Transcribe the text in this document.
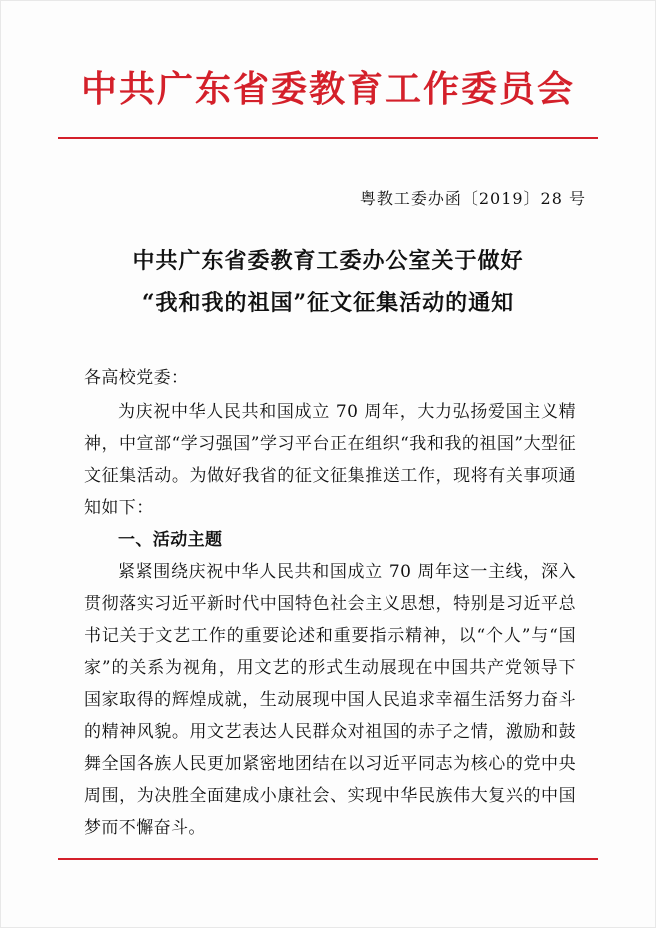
中共广东省委教育工作委员会
粤教工委办函〔2019〕28 号
中共广东省委教育工委办公室关于做好
“我和我的祖国”征文征集活动的通知

各高校党委：

为庆祝中华人民共和国成立 70 周年，大力弘扬爱国主义精神，中宣部“学习强国”学习平台正在组织“我和我的祖国”大型征文征集活动。为做好我省的征文征集推送工作，现将有关事项通知如下：

一、活动主题

紧紧围绕庆祝中华人民共和国成立 70 周年这一主线，深入贯彻落实习近平新时代中国特色社会主义思想，特别是习近平总书记关于文艺工作的重要论述和重要指示精神，以“个人”与“国家”的关系为视角，用文艺的形式生动展现在中国共产党领导下国家取得的辉煌成就，生动展现中国人民追求幸福生活努力奋斗的精神风貌。用文艺表达人民群众对祖国的赤子之情，激励和鼓舞全国各族人民更加紧密地团结在以习近平同志为核心的党中央周围，为决胜全面建成小康社会、实现中华民族伟大复兴的中国梦而不懈奋斗。
